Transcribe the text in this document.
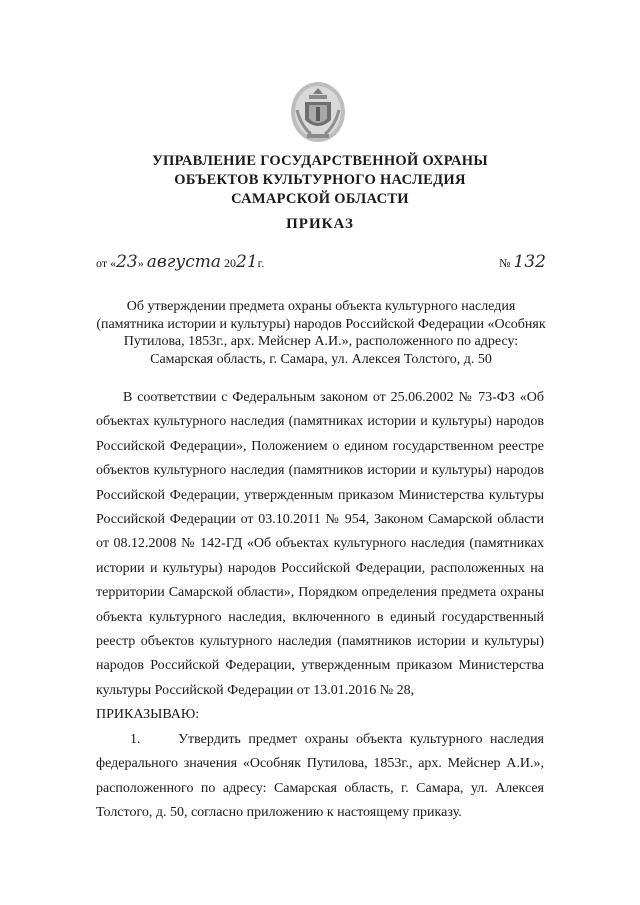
УПРАВЛЕНИЕ ГОСУДАРСТВЕННОЙ ОХРАНЫ
ОБЪЕКТОВ КУЛЬТУРНОГО НАСЛЕДИЯ
САМАРСКОЙ ОБЛАСТИ
ПРИКАЗ
от «23» августа 2021г.	№ 132
Об утверждении предмета охраны объекта культурного наследия
(памятника истории и культуры) народов Российской Федерации «Особняк
Путилова, 1853г., арх. Мейснер А.И.», расположенного по адресу:
Самарская область, г. Самара, ул. Алексея Толстого, д. 50

В соответствии с Федеральным законом от 25.06.2002 № 73-ФЗ «Об объектах культурного наследия (памятниках истории и культуры) народов Российской Федерации», Положением о едином государственном реестре объектов культурного наследия (памятников истории и культуры) народов Российской Федерации, утвержденным приказом Министерства культуры Российской Федерации от 03.10.2011 № 954, Законом Самарской области от 08.12.2008 № 142-ГД «Об объектах культурного наследия (памятниках истории и культуры) народов Российской Федерации, расположенных на территории Самарской области», Порядком определения предмета охраны объекта культурного наследия, включенного в единый государственный реестр объектов культурного наследия (памятников истории и культуры) народов Российской Федерации, утвержденным приказом Министерства культуры Российской Федерации от 13.01.2016 № 28,

ПРИКАЗЫВАЮ:

1.	Утвердить предмет охраны объекта культурного наследия федерального значения «Особняк Путилова, 1853г., арх. Мейснер А.И.», расположенного по адресу: Самарская область, г. Самара, ул. Алексея Толстого, д. 50, согласно приложению к настоящему приказу.
